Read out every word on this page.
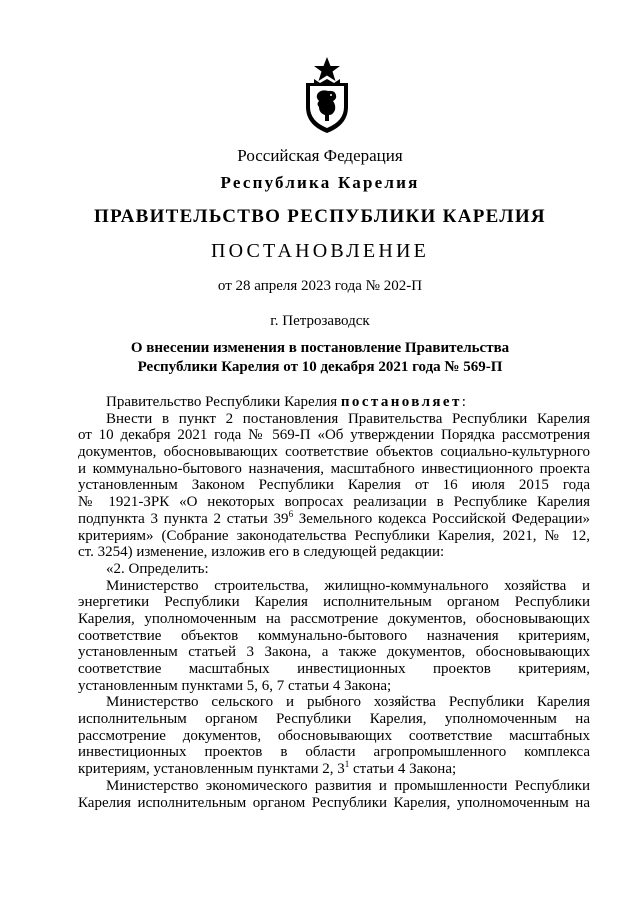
Российская Федерация
Республика Карелия
ПРАВИТЕЛЬСТВО РЕСПУБЛИКИ КАРЕЛИЯ
ПОСТАНОВЛЕНИЕ
от 28 апреля 2023 года № 202-П
г. Петрозаводск
О внесении изменения в постановление Правительства
Республики Карелия от 10 декабря 2021 года № 569-П
Правительство Республики Карелия постановляет:
Внести в пункт 2 постановления Правительства Республики Карелия
от 10 декабря 2021 года № 569-П «Об утверждении Порядка рассмотрения
документов, обосновывающих соответствие объектов социально-культурного
и коммунально-бытового назначения, масштабного инвестиционного проекта
установленным Законом Республики Карелия от 16 июля 2015 года
№ 1921-ЗРК «О некоторых вопросах реализации в Республике Карелия
подпункта 3 пункта 2 статьи $39^6$ Земельного кодекса Российской Федерации»
критериям» (Собрание законодательства Республики Карелия, 2021, № 12,
ст. 3254) изменение, изложив его в следующей редакции:
«2. Определить:
Министерство строительства, жилищно-коммунального хозяйства и
энергетики Республики Карелия исполнительным органом Республики
Карелия, уполномоченным на рассмотрение документов, обосновывающих
соответствие объектов коммунально-бытового назначения критериям,
установленным статьей 3 Закона, а также документов, обосновывающих
соответствие масштабных инвестиционных проектов критериям,
установленным пунктами 5, 6, 7 статьи 4 Закона;
Министерство сельского и рыбного хозяйства Республики Карелия
исполнительным органом Республики Карелия, уполномоченным на
рассмотрение документов, обосновывающих соответствие масштабных
инвестиционных проектов в области агропромышленного комплекса
критериям, установленным пунктами 2, $3^1$ статьи 4 Закона;
Министерство экономического развития и промышленности Республики
Карелия исполнительным органом Республики Карелия, уполномоченным на
